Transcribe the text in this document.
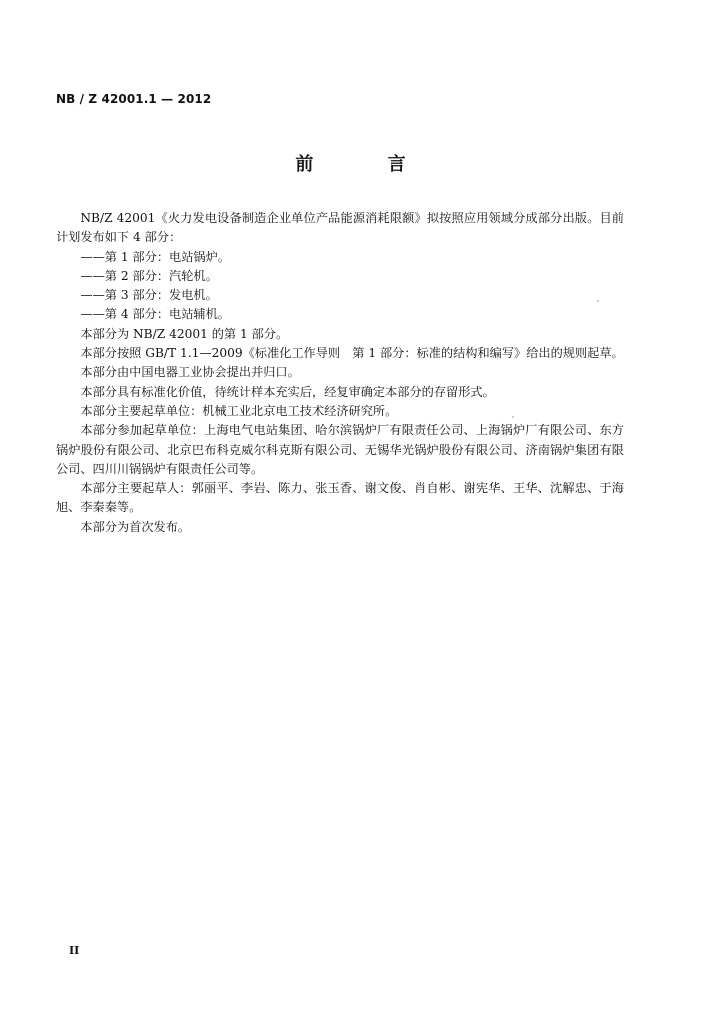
NB / Z 42001.1 — 2012
前 言

NB/Z 42001《火力发电设备制造企业单位产品能源消耗限额》拟按照应用领域分成部分出版。目前计划发布如下 4 部分：

——第 1 部分：电站锅炉。

——第 2 部分：汽轮机。

——第 3 部分：发电机。

——第 4 部分：电站辅机。

本部分为 NB/Z 42001 的第 1 部分。

本部分按照 GB/T 1.1—2009《标准化工作导则　第 1 部分：标准的结构和编写》给出的规则起草。

本部分由中国电器工业协会提出并归口。

本部分具有标准化价值，待统计样本充实后，经复审确定本部分的存留形式。

本部分主要起草单位：机械工业北京电工技术经济研究所。

本部分参加起草单位：上海电气电站集团、哈尔滨锅炉厂有限责任公司、上海锅炉厂有限公司、东方锅炉股份有限公司、北京巴布科克威尔科克斯有限公司、无锡华光锅炉股份有限公司、济南锅炉集团有限公司、四川川锅锅炉有限责任公司等。

本部分主要起草人：郭丽平、李岩、陈力、张玉香、谢文俊、肖自彬、谢宪华、王华、沈解忠、于海旭、李秦秦等。

本部分为首次发布。

II
